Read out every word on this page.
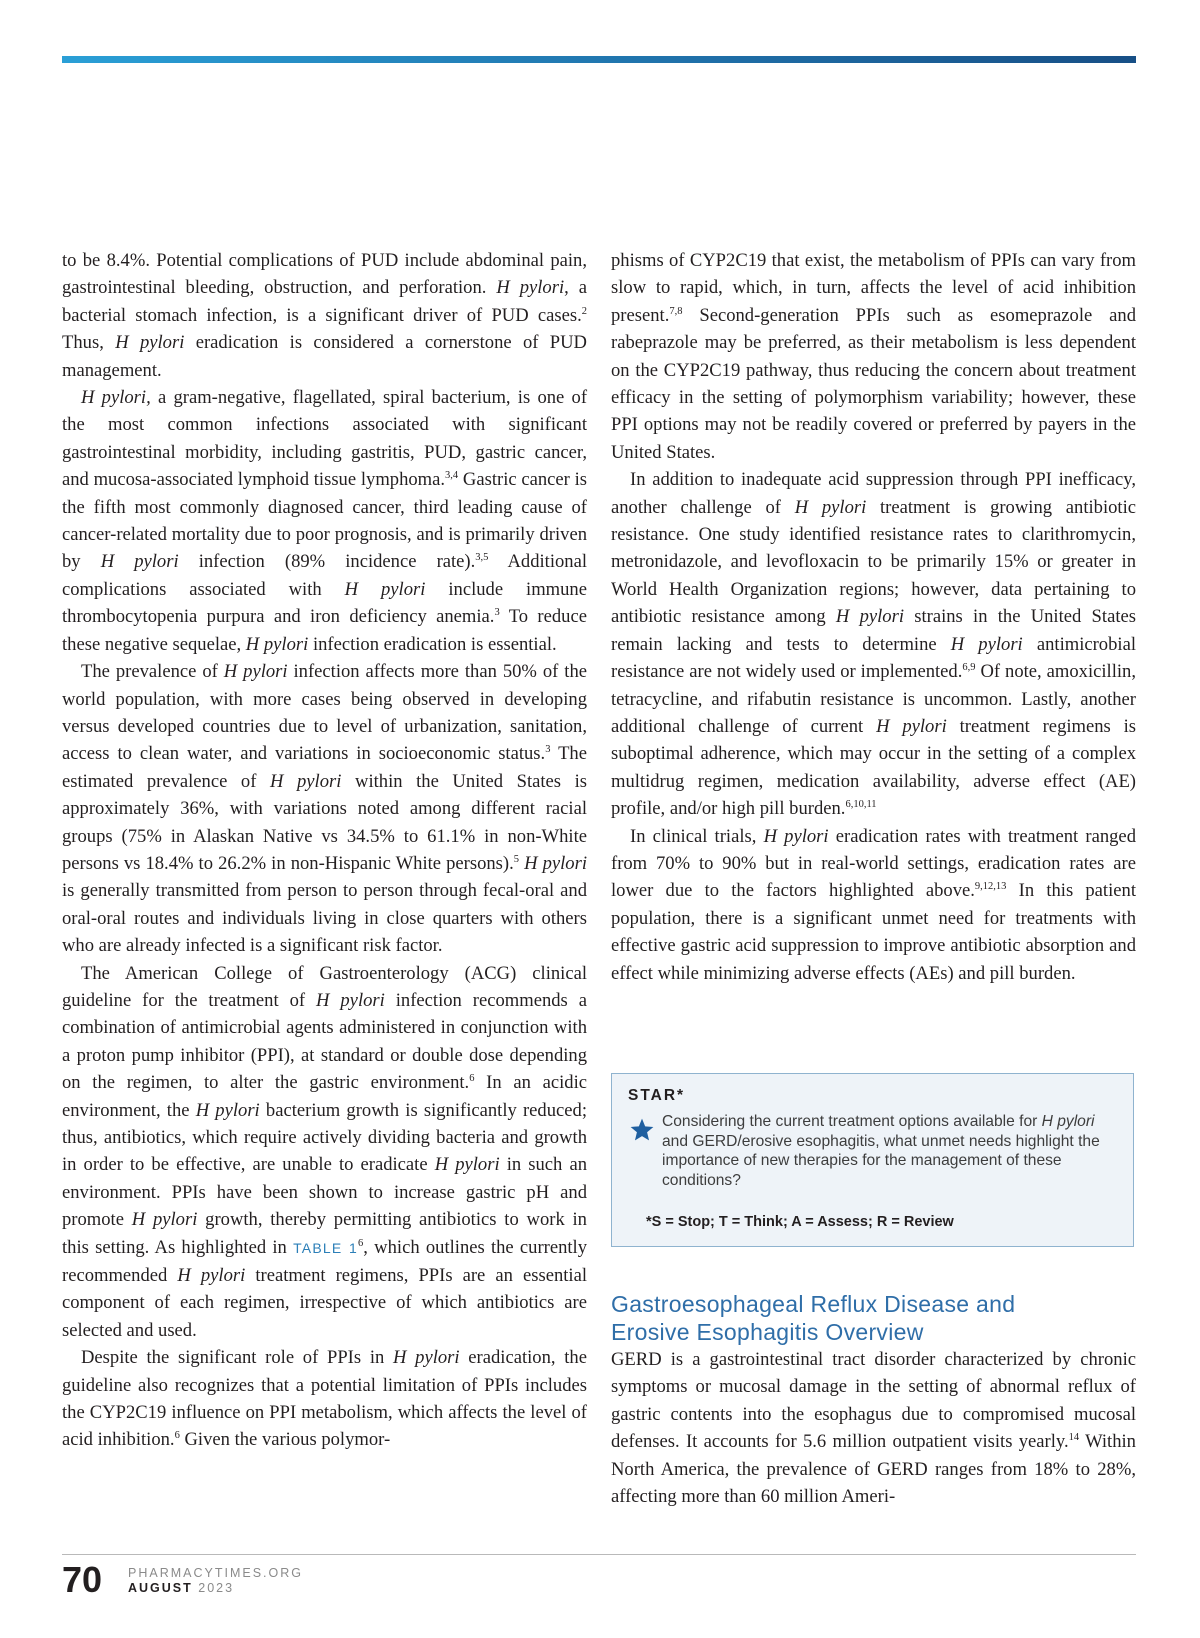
to be 8.4%. Potential complications of PUD include abdominal pain, gastrointestinal bleeding, obstruction, and perforation. H pylori, a bacterial stomach infection, is a significant driver of PUD cases.$^2$ Thus, H pylori eradication is considered a cornerstone of PUD management.

H pylori, a gram-negative, flagellated, spiral bacterium, is one of the most common infections associated with significant gastrointestinal morbidity, including gastritis, PUD, gastric cancer, and mucosa-associated lymphoid tissue lymphoma.$^{3,4}$ Gastric cancer is the fifth most commonly diagnosed cancer, third leading cause of cancer-related mortality due to poor prognosis, and is primarily driven by H pylori infection (89% incidence rate).$^{3,5}$ Additional complications associated with H pylori include immune thrombocytopenia purpura and iron deficiency anemia.$^3$ To reduce these negative sequelae, H pylori infection eradication is essential.

The prevalence of H pylori infection affects more than 50% of the world population, with more cases being observed in developing versus developed countries due to level of urbanization, sanitation, access to clean water, and variations in socioeconomic status.$^3$ The estimated prevalence of H pylori within the United States is approximately 36%, with variations noted among different racial groups (75% in Alaskan Native vs 34.5% to 61.1% in non-White persons vs 18.4% to 26.2% in non-Hispanic White persons).$^5$ H pylori is generally transmitted from person to person through fecal-oral and oral-oral routes and individuals living in close quarters with others who are already infected is a significant risk factor.

The American College of Gastroenterology (ACG) clinical guideline for the treatment of H pylori infection recommends a combination of antimicrobial agents administered in conjunction with a proton pump inhibitor (PPI), at standard or double dose depending on the regimen, to alter the gastric environment.$^6$ In an acidic environment, the H pylori bacterium growth is significantly reduced; thus, antibiotics, which require actively dividing bacteria and growth in order to be effective, are unable to eradicate H pylori in such an environment. PPIs have been shown to increase gastric pH and promote H pylori growth, thereby permitting antibiotics to work in this setting. As highlighted in TABLE $1^6$, which outlines the currently recommended H pylori treatment regimens, PPIs are an essential component of each regimen, irrespective of which antibiotics are selected and used.

Despite the significant role of PPIs in H pylori eradication, the guideline also recognizes that a potential limitation of PPIs includes the CYP2C19 influence on PPI metabolism, which affects the level of acid inhibition.$^6$ Given the various polymor-

phisms of CYP2C19 that exist, the metabolism of PPIs can vary from slow to rapid, which, in turn, affects the level of acid inhibition present.$^{7,8}$ Second-generation PPIs such as esomeprazole and rabeprazole may be preferred, as their metabolism is less dependent on the CYP2C19 pathway, thus reducing the concern about treatment efficacy in the setting of polymorphism variability; however, these PPI options may not be readily covered or preferred by payers in the United States.

In addition to inadequate acid suppression through PPI inefficacy, another challenge of H pylori treatment is growing antibiotic resistance. One study identified resistance rates to clarithromycin, metronidazole, and levofloxacin to be primarily 15% or greater in World Health Organization regions; however, data pertaining to antibiotic resistance among H pylori strains in the United States remain lacking and tests to determine H pylori antimicrobial resistance are not widely used or implemented.$^{6,9}$ Of note, amoxicillin, tetracycline, and rifabutin resistance is uncommon. Lastly, another additional challenge of current H pylori treatment regimens is suboptimal adherence, which may occur in the setting of a complex multidrug regimen, medication availability, adverse effect (AE) profile, and/or high pill burden.$^{6,10,11}$

In clinical trials, H pylori eradication rates with treatment ranged from 70% to 90% but in real-world settings, eradication rates are lower due to the factors highlighted above.$^{9,12,13}$ In this patient population, there is a significant unmet need for treatments with effective gastric acid suppression to improve antibiotic absorption and effect while minimizing adverse effects (AEs) and pill burden.

STAR*
Considering the current treatment options available for H pylori and GERD/erosive esophagitis, what unmet needs highlight the importance of new therapies for the management of these conditions?
*S = Stop; T = Think; A = Assess; R = Review
Gastroesophageal Reflux Disease and
Erosive Esophagitis Overview

GERD is a gastrointestinal tract disorder characterized by chronic symptoms or mucosal damage in the setting of abnormal reflux of gastric contents into the esophagus due to compromised mucosal defenses. It accounts for 5.6 million outpatient visits yearly.$^{14}$ Within North America, the prevalence of GERD ranges from 18% to 28%, affecting more than 60 million Ameri-

70 PHARMACYTIMES.ORG
AUGUST 2023
